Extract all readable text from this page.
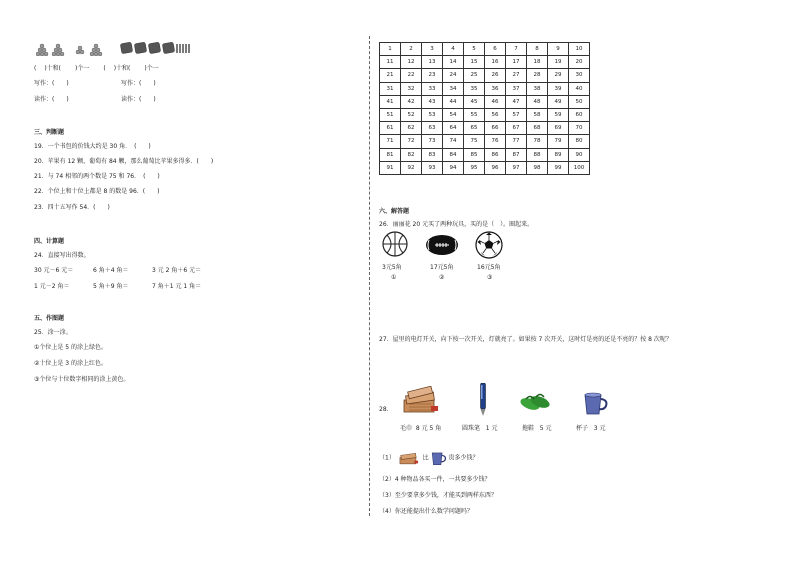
( )十和( )个一 ( )十和( )个一
写作：(　　)	写作：(　　)
读作：(　　)	读作：(　　)
三、判断题
19．一个书包的价钱大约是 30 角．　(　　)
20．苹果有 12 颗，葡萄有 84 颗，那么葡萄比苹果多得多．(　　)
21．与 74 相邻的两个数是 75 和 76．　(　　)
22．个位上和十位上都是 8 的数是 96．(　　)
23．四十五写作 54．(　　)
四、计算题
24．直接写出得数。
30 元－6 元＝	6 角＋4 角＝	3 元 2 角＋6 元＝
1 元－2 角＝	5 角＋9 角＝	7 角＋1 元 1 角＝
五、作图题
25．涂一涂。
①个位上是 5 的涂上绿色。
②十位上是 3 的涂上红色。
③个位与十位数字相同的涂上黄色。
1	2	3	4	5	6	7	8	9	10
11	12	13	14	15	16	17	18	19	20
21	22	23	24	25	26	27	28	29	30
31	32	33	34	35	36	37	38	39	40
41	42	43	44	45	46	47	48	49	50
51	52	53	54	55	56	57	58	59	60
61	62	63	64	65	66	67	68	69	70
71	72	73	74	75	76	77	78	79	80
81	82	83	84	85	86	87	88	89	90
91	92	93	94	95	96	97	98	99	100
六、解答题
26．丽丽花 20 元买了两种玩具，买的是（　）。圈起来。
3元5角	17元5角	16元5角
①	②	③
27．屋里的电灯开关，向下按一次开关，灯就亮了。如果按 7 次开关，这时灯是亮的还是不亮的？按 8 次呢？
28．
毛巾 8 元 5 角	圆珠笔 1 元	拖鞋 5 元	杯子 3 元
（1）	比	贵多少钱？
（2）4 种物品各买一件，一共要多少钱？
（3）至少要拿多少钱，才能买到两样东西？
（4）你还能提出什么数学问题吗？
